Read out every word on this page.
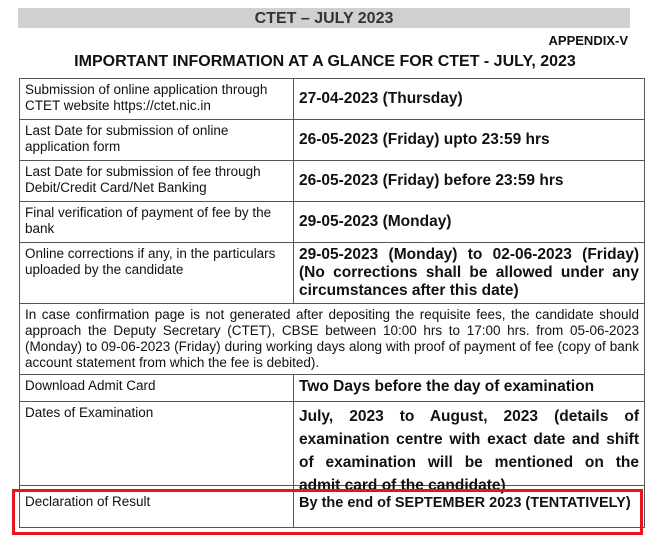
CTET – JULY 2023
APPENDIX-V
IMPORTANT INFORMATION AT A GLANCE FOR CTET - JULY, 2023
Submission of online application through CTET website https://ctet.nic.in	27-04-2023 (Thursday)
Last Date for submission of online application form	26-05-2023 (Friday) upto 23:59 hrs
Last Date for submission of fee through Debit/Credit Card/Net Banking	26-05-2023 (Friday) before 23:59 hrs
Final verification of payment of fee by the bank	29-05-2023 (Monday)
Online corrections if any, in the particulars uploaded by the candidate	29-05-2023 (Monday) to 02-06-2023 (Friday) (No corrections shall be allowed under any circumstances after this date)
In case confirmation page is not generated after depositing the requisite fees, the candidate should approach the Deputy Secretary (CTET), CBSE between 10:00 hrs to 17:00 hrs. from 05-06-2023 (Monday) to 09-06-2023 (Friday) during working days along with proof of payment of fee (copy of bank account statement from which the fee is debited).	
Download Admit Card	Two Days before the day of examination
Dates of Examination	July, 2023 to August, 2023 (details of examination centre with exact date and shift of examination will be mentioned on the admit card of the candidate)

Declaration of Result	By the end of SEPTEMBER 2023 (TENTATIVELY)
